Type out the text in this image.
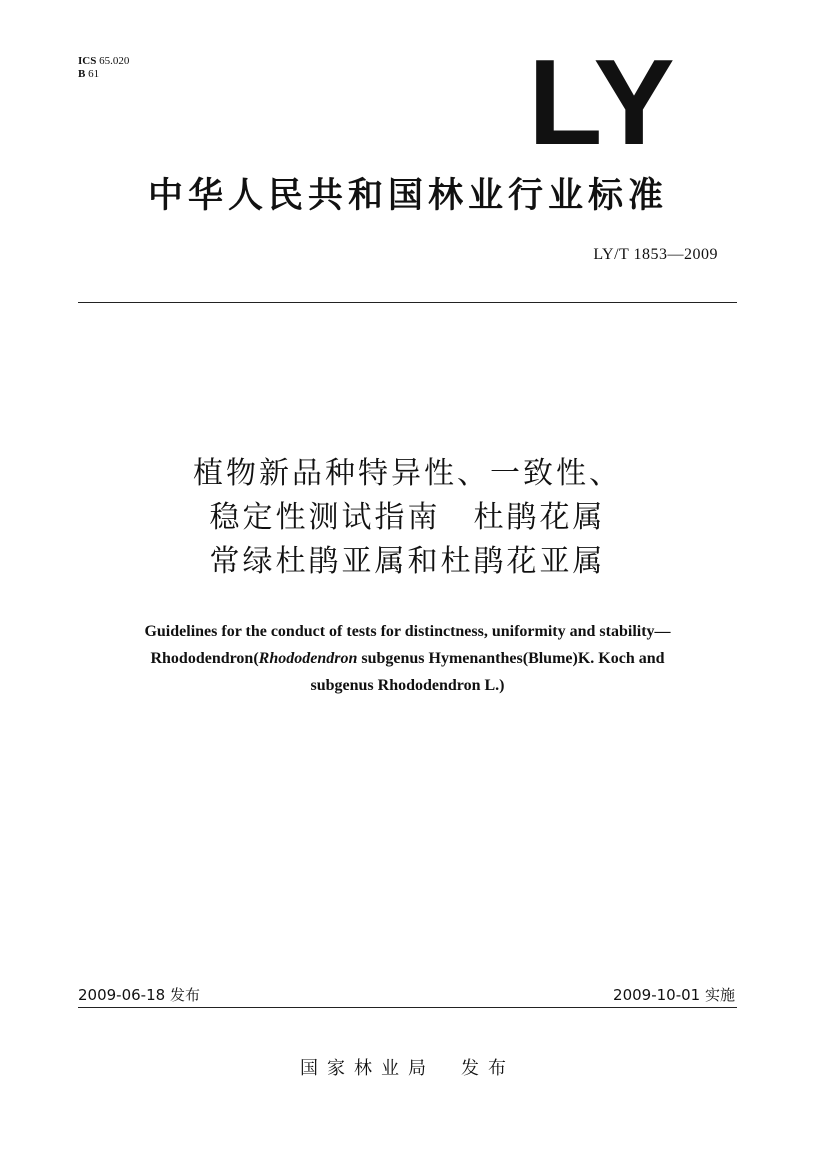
ICS 65.020
B 61	LY
中华人民共和国林业行业标准
LY/T 1853—2009
植物新品种特异性、一致性、
稳定性测试指南　杜鹃花属
常绿杜鹃亚属和杜鹃花亚属
Guidelines for the conduct of tests for distinctness, uniformity and stability—
Rhododendron(Rhododendron subgenus Hymenanthes(Blume)K. Koch and
subgenus Rhododendron L.)
2009-06-18 发布	2009-10-01 实施
国家林业局 发布
